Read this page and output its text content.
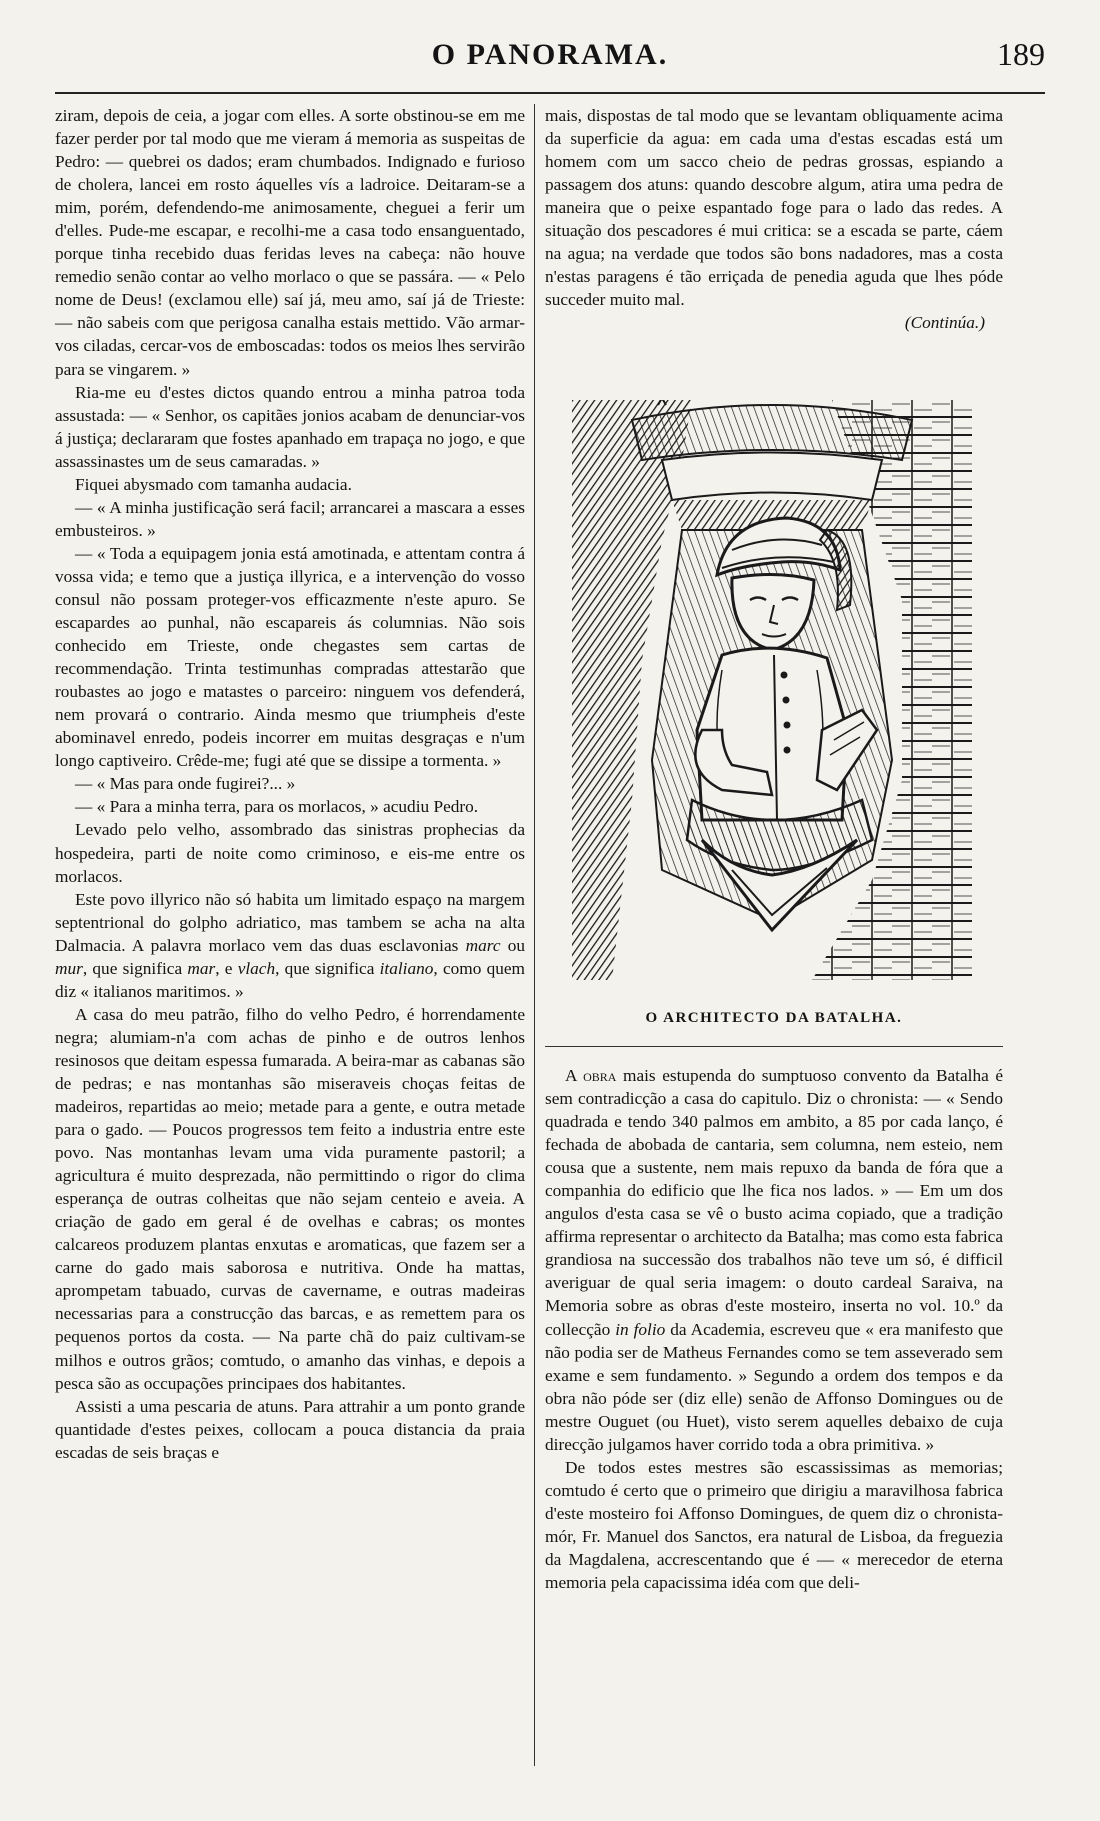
O PANORAMA.	189

ziram, depois de ceia, a jogar com elles. A sorte obstinou-se em me fazer perder por tal modo que me vieram á memoria as suspeitas de Pedro: — quebrei os dados; eram chumbados. Indignado e furioso de cholera, lancei em rosto áquelles vís a ladroice. Deitaram-se a mim, porém, defendendo-me animosamente, cheguei a ferir um d'elles. Pude-me escapar, e recolhi-me a casa todo ensanguentado, porque tinha recebido duas feridas leves na cabeça: não houve remedio senão contar ao velho morlaco o que se passára. — « Pelo nome de Deus! (exclamou elle) saí já, meu amo, saí já de Trieste: — não sabeis com que perigosa canalha estais mettido. Vão armar-vos ciladas, cercar-vos de emboscadas: todos os meios lhes servirão para se vingarem. »

Ria-me eu d'estes dictos quando entrou a minha patroa toda assustada: — « Senhor, os capitães jonios acabam de denunciar-vos á justiça; declararam que fostes apanhado em trapaça no jogo, e que assassinastes um de seus camaradas. »

Fiquei abysmado com tamanha audacia.

— « A minha justificação será facil; arrancarei a mascara a esses embusteiros. »

— « Toda a equipagem jonia está amotinada, e attentam contra á vossa vida; e temo que a justiça illyrica, e a intervenção do vosso consul não possam proteger-vos efficazmente n'este apuro. Se escapardes ao punhal, não escapareis ás columnias. Não sois conhecido em Trieste, onde chegastes sem cartas de recommendação. Trinta testimunhas compradas attestarão que roubastes ao jogo e matastes o parceiro: ninguem vos defenderá, nem provará o contrario. Ainda mesmo que triumpheis d'este abominavel enredo, podeis incorrer em muitas desgraças e n'um longo captiveiro. Crêde-me; fugi até que se dissipe a tormenta. »

— « Mas para onde fugirei?... »

— « Para a minha terra, para os morlacos, » acudiu Pedro.

Levado pelo velho, assombrado das sinistras prophecias da hospedeira, parti de noite como criminoso, e eis-me entre os morlacos.

Este povo illyrico não só habita um limitado espaço na margem septentrional do golpho adriatico, mas tambem se acha na alta Dalmacia. A palavra morlaco vem das duas esclavonias marc ou mur, que significa mar, e vlach, que significa italiano, como quem diz « italianos maritimos. »

A casa do meu patrão, filho do velho Pedro, é horrendamente negra; alumiam-n'a com achas de pinho e de outros lenhos resinosos que deitam espessa fumarada. A beira-mar as cabanas são de pedras; e nas montanhas são miseraveis choças feitas de madeiros, repartidas ao meio; metade para a gente, e outra metade para o gado. — Poucos progressos tem feito a industria entre este povo. Nas montanhas levam uma vida puramente pastoril; a agricultura é muito desprezada, não permittindo o rigor do clima esperança de outras colheitas que não sejam centeio e aveia. A criação de gado em geral é de ovelhas e cabras; os montes calcareos produzem plantas enxutas e aromaticas, que fazem ser a carne do gado mais saborosa e nutritiva. Onde ha mattas, aprompetam tabuado, curvas de cavername, e outras madeiras necessarias para a construcção das barcas, e as remettem para os pequenos portos da costa. — Na parte chã do paiz cultivam-se milhos e outros grãos; comtudo, o amanho das vinhas, e depois a pesca são as occupações principaes dos habitantes.

Assisti a uma pescaria de atuns. Para attrahir a um ponto grande quantidade d'estes peixes, collocam a pouca distancia da praia escadas de seis braças e

mais, dispostas de tal modo que se levantam obliquamente acima da superficie da agua: em cada uma d'estas escadas está um homem com um sacco cheio de pedras grossas, espiando a passagem dos atuns: quando descobre algum, atira uma pedra de maneira que o peixe espantado foge para o lado das redes. A situação dos pescadores é mui critica: se a escada se parte, cáem na agua; na verdade que todos são bons nadadores, mas a costa n'estas paragens é tão erriçada de penedia aguda que lhes póde succeder muito mal.

(Continúa.)

O ARCHITECTO DA BATALHA.

A obra mais estupenda do sumptuoso convento da Batalha é sem contradicção a casa do capitulo. Diz o chronista: — « Sendo quadrada e tendo 340 palmos em ambito, a 85 por cada lanço, é fechada de abobada de cantaria, sem columna, nem esteio, nem cousa que a sustente, nem mais repuxo da banda de fóra que a companhia do edificio que lhe fica nos lados. » — Em um dos angulos d'esta casa se vê o busto acima copiado, que a tradição affirma representar o architecto da Batalha; mas como esta fabrica grandiosa na successão dos trabalhos não teve um só, é difficil averiguar de qual seria imagem: o douto cardeal Saraiva, na Memoria sobre as obras d'este mosteiro, inserta no vol. 10.º da collecção in folio da Academia, escreveu que « era manifesto que não podia ser de Matheus Fernandes como se tem asseverado sem exame e sem fundamento. » Segundo a ordem dos tempos e da obra não póde ser (diz elle) senão de Affonso Domingues ou de mestre Ouguet (ou Huet), visto serem aquelles debaixo de cuja direcção julgamos haver corrido toda a obra primitiva. »

De todos estes mestres são escassissimas as memorias; comtudo é certo que o primeiro que dirigiu a maravilhosa fabrica d'este mosteiro foi Affonso Domingues, de quem diz o chronista-mór, Fr. Manuel dos Sanctos, era natural de Lisboa, da freguezia da Magdalena, accrescentando que é — « merecedor de eterna memoria pela capacissima idéa com que deli-
